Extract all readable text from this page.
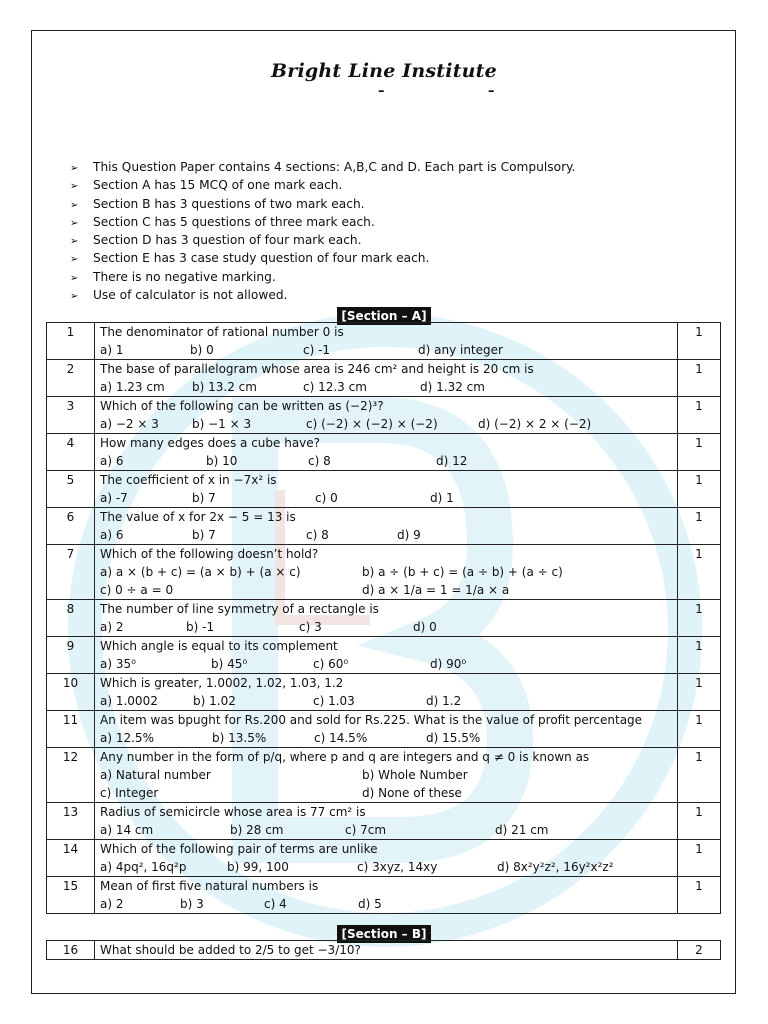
Bright Line Institute
–	–
➢ This Question Paper contains 4 sections: A,B,C and D. Each part is Compulsory.
➢ Section A has 15 MCQ of one mark each.
➢ Section B has 3 questions of two mark each.
➢ Section C has 5 questions of three mark each.
➢ Section D has 3 question of four mark each.
➢ Section E has 3 case study question of four mark each.
➢ There is no negative marking.
➢ Use of calculator is not allowed.
[Section – A]
1	The denominator of rational number 0 is
a) 1 b) 0 c) -1 d) any integer	1
2	The base of parallelogram whose area is 246 cm² and height is 20 cm is
a) 1.23 cm b) 13.2 cm c) 12.3 cm d) 1.32 cm	1
3	Which of the following can be written as (−2)³?
a) −2 × 3 b) −1 × 3 c) (−2) × (−2) × (−2) d) (−2) × 2 × (−2)	1
4	How many edges does a cube have?
a) 6 b) 10 c) 8 d) 12	1
5	The coefficient of x in −7x² is
a) -7 b) 7 c) 0 d) 1	1
6	The value of x for 2x − 5 = 13 is
a) 6 b) 7 c) 8 d) 9	1
7	Which of the following doesn’t hold?
a) a × (b + c) = (a × b) + (a × c) b) a ÷ (b + c) = (a ÷ b) + (a ÷ c)
c) 0 ÷ a = 0 d) a × 1/a = 1 = 1/a × a	1
8	The number of line symmetry of a rectangle is
a) 2 b) -1 c) 3 d) 0	1
9	Which angle is equal to its complement
a) 35⁰ b) 45⁰ c) 60⁰ d) 90⁰	1
10	Which is greater, 1.0002, 1.02, 1.03, 1.2
a) 1.0002 b) 1.02 c) 1.03 d) 1.2	1
11	An item was bpught for Rs.200 and sold for Rs.225. What is the value of profit percentage
a) 12.5% b) 13.5% c) 14.5% d) 15.5%	1
12	Any number in the form of p/q, where p and q are integers and q ≠ 0 is known as
a) Natural number b) Whole Number
c) Integer d) None of these	1
13	Radius of semicircle whose area is 77 cm² is
a) 14 cm b) 28 cm c) 7cm d) 21 cm	1
14	Which of the following pair of terms are unlike
a) 4pq², 16q²p b) 99, 100 c) 3xyz, 14xy d) 8x²y²z², 16y²x²z²	1
15	Mean of first five natural numbers is
a) 2 b) 3 c) 4 d) 5	1
[Section – B]
16	What should be added to 2/5 to get −3/10?	2
